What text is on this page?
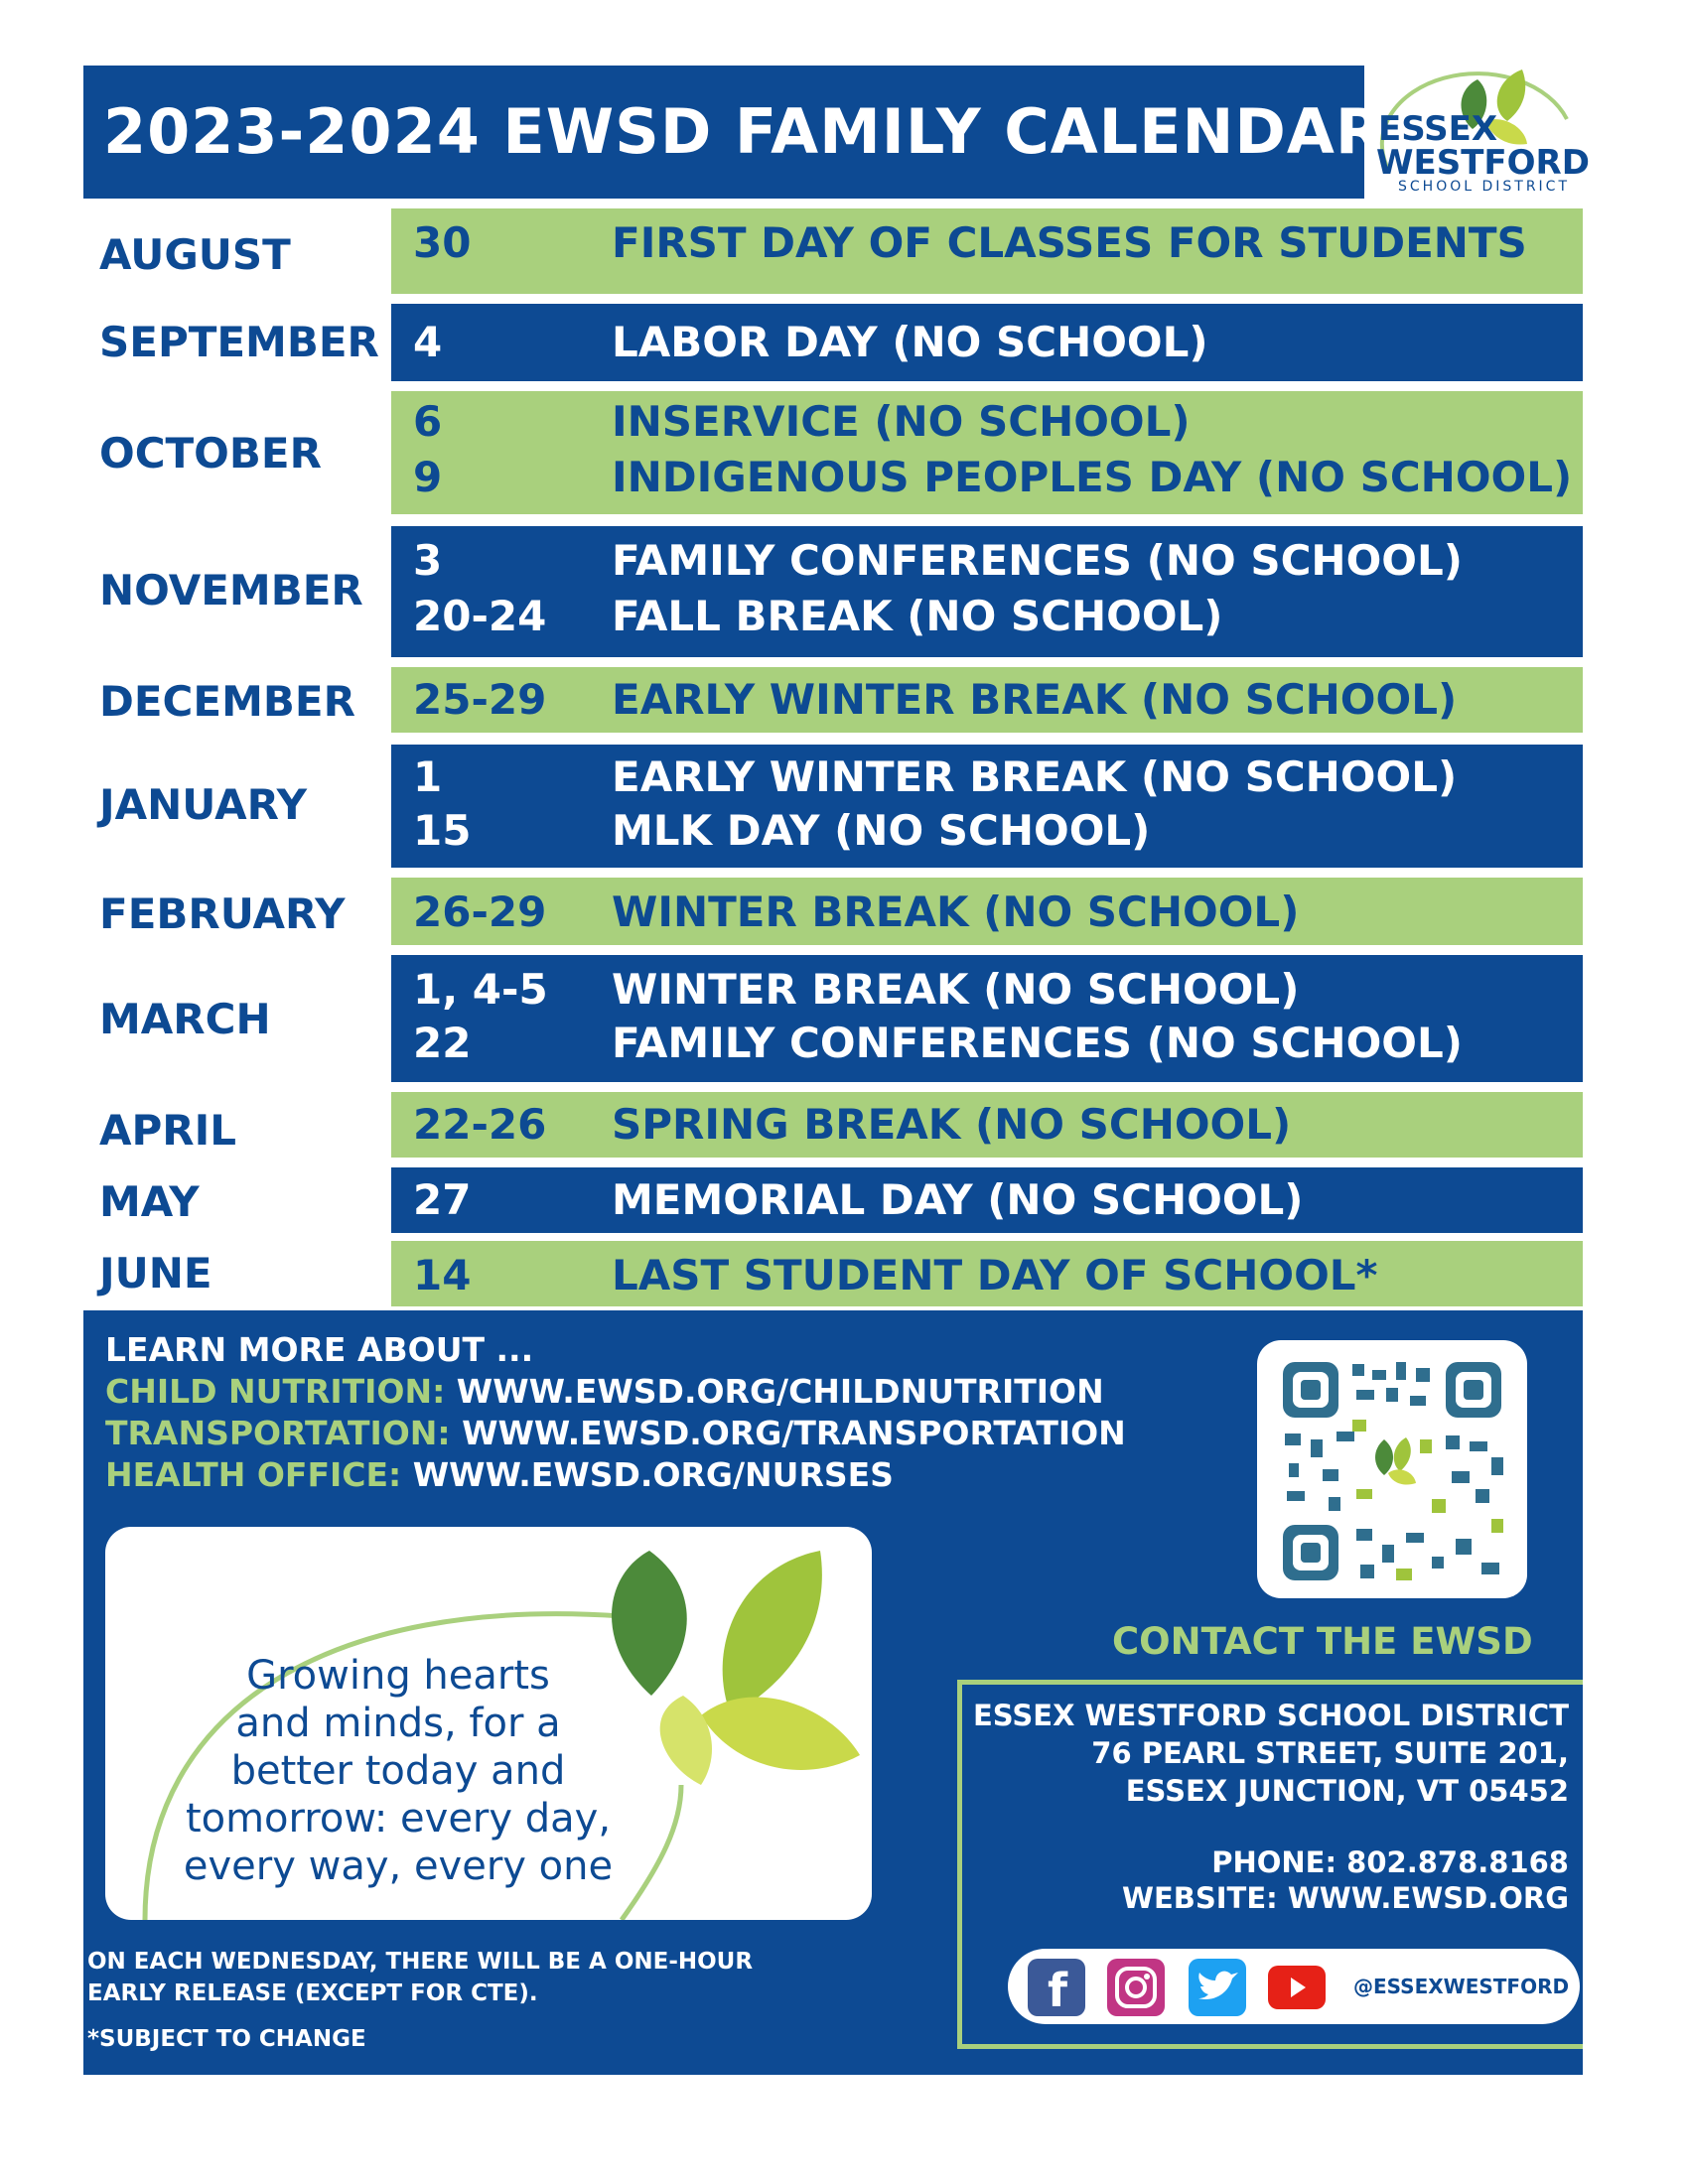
2023-2024 EWSD FAMILY CALENDAR
ESSEX
WESTFORD
SCHOOL DISTRICT
AUGUST	30	FIRST DAY OF CLASSES FOR STUDENTS
SEPTEMBER 4	LABOR DAY (NO SCHOOL)
OCTOBER
6	INSERVICE (NO SCHOOL)
9	INDIGENOUS PEOPLES DAY (NO SCHOOL)
NOVEMBER
3	FAMILY CONFERENCES (NO SCHOOL)
20-24 FALL BREAK (NO SCHOOL)
DECEMBER 25-29 EARLY WINTER BREAK (NO SCHOOL)
JANUARY
1	EARLY WINTER BREAK (NO SCHOOL)
15	MLK DAY (NO SCHOOL)
FEBRUARY 26-29 WINTER BREAK (NO SCHOOL)
MARCH
1, 4-5 WINTER BREAK (NO SCHOOL)
22	FAMILY CONFERENCES (NO SCHOOL)
APRIL	22-26 SPRING BREAK (NO SCHOOL)
MAY	27	MEMORIAL DAY (NO SCHOOL)
JUNE	14	LAST STUDENT DAY OF SCHOOL*
LEARN MORE ABOUT ...
CHILD NUTRITION: WWW.EWSD.ORG/CHILDNUTRITION
TRANSPORTATION: WWW.EWSD.ORG/TRANSPORTATION
HEALTH OFFICE: WWW.EWSD.ORG/NURSES
Growing hearts
and minds, for a
better today and
tomorrow: every day,
every way, every one
ON EACH WEDNESDAY, THERE WILL BE A ONE-HOUR
EARLY RELEASE (EXCEPT FOR CTE).
*SUBJECT TO CHANGE
CONTACT THE EWSD
ESSEX WESTFORD SCHOOL DISTRICT
76 PEARL STREET, SUITE 201,
ESSEX JUNCTION, VT 05452
PHONE: 802.878.8168
WEBSITE: WWW.EWSD.ORG
f	@ESSEXWESTFORD
